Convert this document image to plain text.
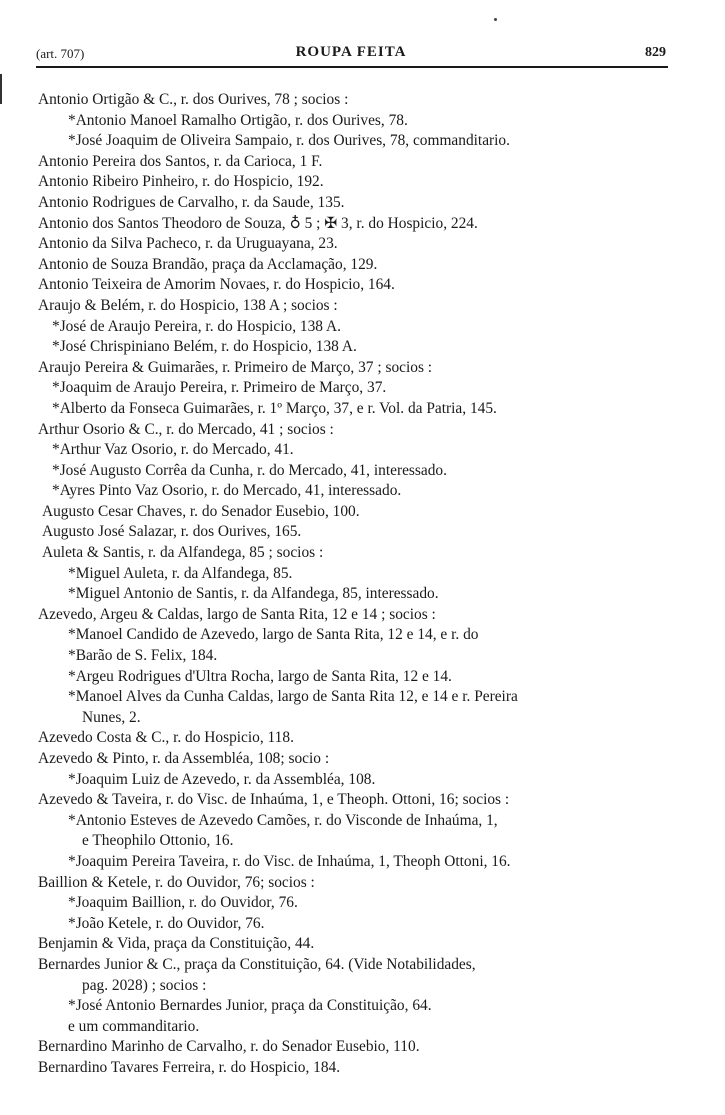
(art. 707)	ROUPA FEITA	829
Antonio Ortigão & C., r. dos Ourives, 78 ; socios :
*Antonio Manoel Ramalho Ortigão, r. dos Ourives, 78.
*José Joaquim de Oliveira Sampaio, r. dos Ourives, 78, commanditario.
Antonio Pereira dos Santos, r. da Carioca, 1 F.
Antonio Ribeiro Pinheiro, r. do Hospicio, 192.
Antonio Rodrigues de Carvalho, r. da Saude, 135.
Antonio dos Santos Theodoro de Souza, ♁ 5 ; ✠ 3, r. do Hospicio, 224.
Antonio da Silva Pacheco, r. da Uruguayana, 23.
Antonio de Souza Brandão, praça da Acclamação, 129.
Antonio Teixeira de Amorim Novaes, r. do Hospicio, 164.
Araujo & Belém, r. do Hospicio, 138 A ; socios :
*José de Araujo Pereira, r. do Hospicio, 138 A.
*José Chrispiniano Belém, r. do Hospicio, 138 A.
Araujo Pereira & Guimarães, r. Primeiro de Março, 37 ; socios :
*Joaquim de Araujo Pereira, r. Primeiro de Março, 37.
*Alberto da Fonseca Guimarães, r. 1º Março, 37, e r. Vol. da Patria, 145.
Arthur Osorio & C., r. do Mercado, 41 ; socios :
*Arthur Vaz Osorio, r. do Mercado, 41.
*José Augusto Corrêa da Cunha, r. do Mercado, 41, interessado.
*Ayres Pinto Vaz Osorio, r. do Mercado, 41, interessado.
Augusto Cesar Chaves, r. do Senador Eusebio, 100.
Augusto José Salazar, r. dos Ourives, 165.
Auleta & Santis, r. da Alfandega, 85 ; socios :
*Miguel Auleta, r. da Alfandega, 85.
*Miguel Antonio de Santis, r. da Alfandega, 85, interessado.
Azevedo, Argeu & Caldas, largo de Santa Rita, 12 e 14 ; socios :
*Manoel Candido de Azevedo, largo de Santa Rita, 12 e 14, e r. do
*Barão de S. Felix, 184.
*Argeu Rodrigues d'Ultra Rocha, largo de Santa Rita, 12 e 14.
*Manoel Alves da Cunha Caldas, largo de Santa Rita 12, e 14 e r. Pereira
Nunes, 2.
Azevedo Costa & C., r. do Hospicio, 118.
Azevedo & Pinto, r. da Assembléa, 108; socio :
*Joaquim Luiz de Azevedo, r. da Assembléa, 108.
Azevedo & Taveira, r. do Visc. de Inhaúma, 1, e Theoph. Ottoni, 16; socios :
*Antonio Esteves de Azevedo Camões, r. do Visconde de Inhaúma, 1,
e Theophilo Ottonio, 16.
*Joaquim Pereira Taveira, r. do Visc. de Inhaúma, 1, Theoph Ottoni, 16.
Baillion & Ketele, r. do Ouvidor, 76; socios :
*Joaquim Baillion, r. do Ouvidor, 76.
*João Ketele, r. do Ouvidor, 76.
Benjamin & Vida, praça da Constituição, 44.
Bernardes Junior & C., praça da Constituição, 64. (Vide Notabilidades,
pag. 2028) ; socios :
*José Antonio Bernardes Junior, praça da Constituição, 64.
e um commanditario.
Bernardino Marinho de Carvalho, r. do Senador Eusebio, 110.
Bernardino Tavares Ferreira, r. do Hospicio, 184.
